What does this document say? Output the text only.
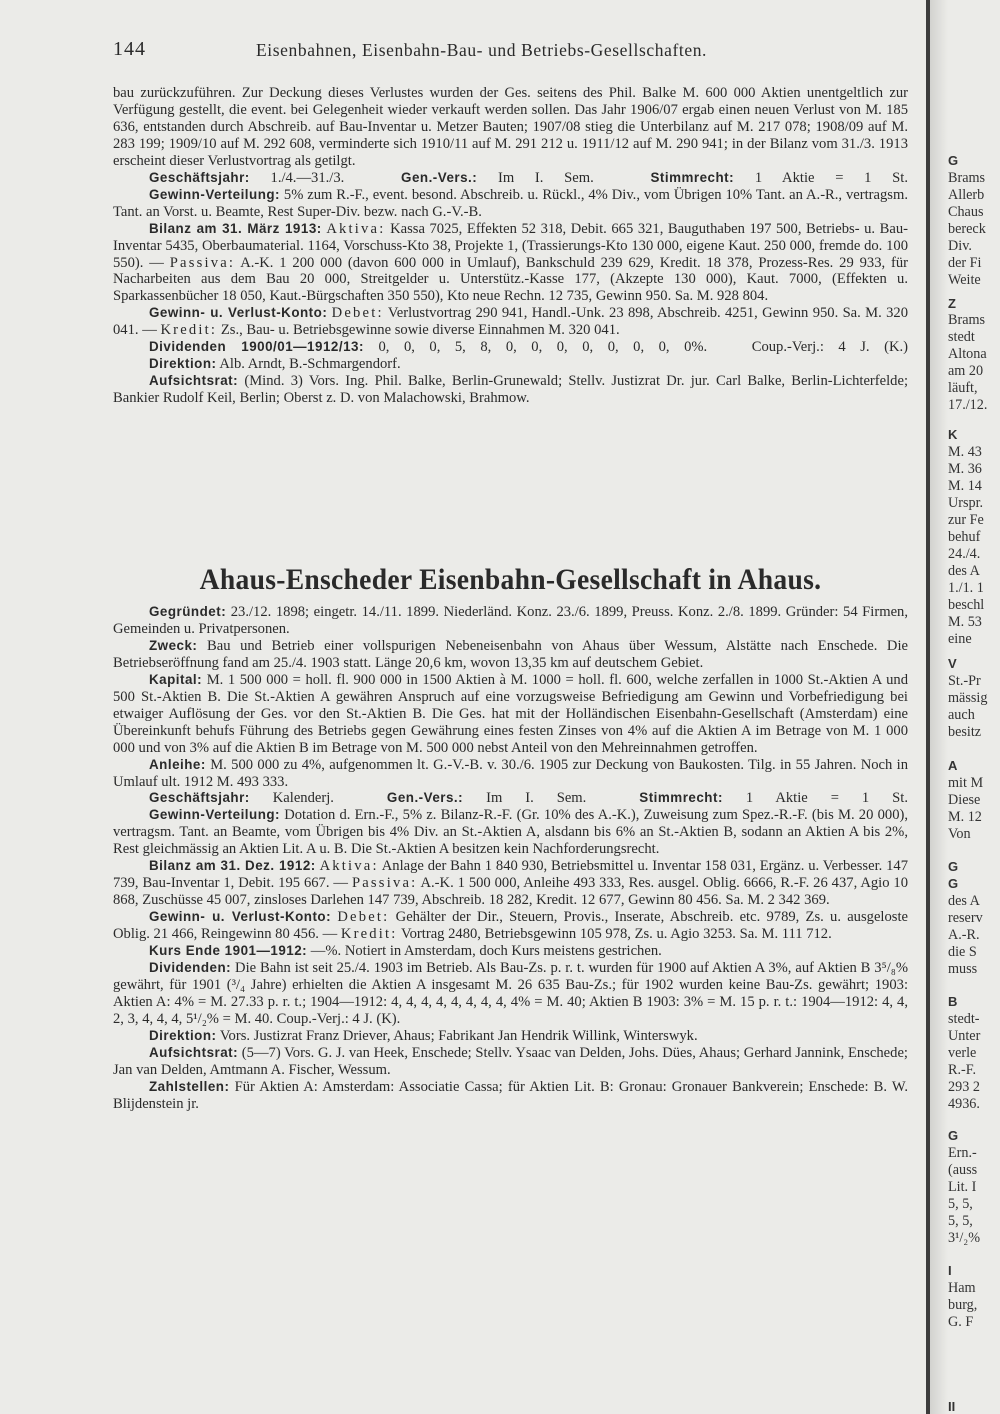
144	Eisenbahnen, Eisenbahn-Bau- und Betriebs-Gesellschaften.

bau zurückzuführen. Zur Deckung dieses Verlustes wurden der Ges. seitens des Phil. Balke M. 600 000 Aktien unentgeltlich zur Verfügung gestellt, die event. bei Gelegenheit wieder verkauft werden sollen. Das Jahr 1906/07 ergab einen neuen Verlust von M. 185 636, entstanden durch Abschreib. auf Bau-Inventar u. Metzer Bauten; 1907/08 stieg die Unterbilanz auf M. 217 078; 1908/09 auf M. 283 199; 1909/10 auf M. 292 608, verminderte sich 1910/11 auf M. 291 212 u. 1911/12 auf M. 290 941; in der Bilanz vom 31./3. 1913 erscheint dieser Verlustvortrag als getilgt.

Geschäftsjahr: 1./4.—31./3.	Gen.-Vers.: Im I. Sem.	Stimmrecht: 1 Aktie = 1 St.

Gewinn-Verteilung: 5% zum R.-F., event. besond. Abschreib. u. Rückl., 4% Div., vom Übrigen 10% Tant. an A.-R., vertragsm. Tant. an Vorst. u. Beamte, Rest Super-Div. bezw. nach G.-V.-B.

Bilanz am 31. März 1913: Aktiva: Kassa 7025, Effekten 52 318, Debit. 665 321, Bauguthaben 197 500, Betriebs- u. Bau-Inventar 5435, Oberbaumaterial. 1164, Vorschuss-Kto 38, Projekte 1, (Trassierungs-Kto 130 000, eigene Kaut. 250 000, fremde do. 100 550). — Passiva: A.-K. 1 200 000 (davon 600 000 in Umlauf), Bankschuld 239 629, Kredit. 18 378, Prozess-Res. 29 933, für Nacharbeiten aus dem Bau 20 000, Streitgelder u. Unterstütz.-Kasse 177, (Akzepte 130 000), Kaut. 7000, (Effekten u. Sparkassenbücher 18 050, Kaut.-Bürgschaften 350 550), Kto neue Rechn. 12 735, Gewinn 950. Sa. M. 928 804.

Gewinn- u. Verlust-Konto: Debet: Verlustvortrag 290 941, Handl.-Unk. 23 898, Abschreib. 4251, Gewinn 950. Sa. M. 320 041. — Kredit: Zs., Bau- u. Betriebsgewinne sowie diverse Einnahmen M. 320 041.

Dividenden 1900/01—1912/13: 0, 0, 0, 5, 8, 0, 0, 0, 0, 0, 0, 0, 0%.	Coup.-Verj.: 4 J. (K.)

Direktion: Alb. Arndt, B.-Schmargendorf.

Aufsichtsrat: (Mind. 3) Vors. Ing. Phil. Balke, Berlin-Grunewald; Stellv. Justizrat Dr. jur. Carl Balke, Berlin-Lichterfelde; Bankier Rudolf Keil, Berlin; Oberst z. D. von Malachowski, Brahmow.

Ahaus-Enscheder Eisenbahn-Gesellschaft in Ahaus.

Gegründet: 23./12. 1898; eingetr. 14./11. 1899. Niederländ. Konz. 23./6. 1899, Preuss. Konz. 2./8. 1899. Gründer: 54 Firmen, Gemeinden u. Privatpersonen.

Zweck: Bau und Betrieb einer vollspurigen Nebeneisenbahn von Ahaus über Wessum, Alstätte nach Enschede. Die Betriebseröffnung fand am 25./4. 1903 statt. Länge 20,6 km, wovon 13,35 km auf deutschem Gebiet.

Kapital: M. 1 500 000 = holl. fl. 900 000 in 1500 Aktien à M. 1000 = holl. fl. 600, welche zerfallen in 1000 St.-Aktien A und 500 St.-Aktien B. Die St.-Aktien A gewähren Anspruch auf eine vorzugsweise Befriedigung am Gewinn und Vorbefriedigung bei etwaiger Auflösung der Ges. vor den St.-Aktien B. Die Ges. hat mit der Holländischen Eisenbahn-Gesellschaft (Amsterdam) eine Übereinkunft behufs Führung des Betriebs gegen Gewährung eines festen Zinses von 4% auf die Aktien A im Betrage von M. 1 000 000 und von 3% auf die Aktien B im Betrage von M. 500 000 nebst Anteil von den Mehreinnahmen getroffen.

Anleihe: M. 500 000 zu 4%, aufgenommen lt. G.-V.-B. v. 30./6. 1905 zur Deckung von Baukosten. Tilg. in 55 Jahren. Noch in Umlauf ult. 1912 M. 493 333.

Geschäftsjahr: Kalenderj.	Gen.-Vers.: Im I. Sem.	Stimmrecht: 1 Aktie = 1 St.

Gewinn-Verteilung: Dotation d. Ern.-F., 5% z. Bilanz-R.-F. (Gr. 10% des A.-K.), Zuweisung zum Spez.-R.-F. (bis M. 20 000), vertragsm. Tant. an Beamte, vom Übrigen bis 4% Div. an St.-Aktien A, alsdann bis 6% an St.-Aktien B, sodann an Aktien A bis 2%, Rest gleichmässig an Aktien Lit. A u. B. Die St.-Aktien A besitzen kein Nachforderungsrecht.

Bilanz am 31. Dez. 1912: Aktiva: Anlage der Bahn 1 840 930, Betriebsmittel u. Inventar 158 031, Ergänz. u. Verbesser. 147 739, Bau-Inventar 1, Debit. 195 667. — Passiva: A.-K. 1 500 000, Anleihe 493 333, Res. ausgel. Oblig. 6666, R.-F. 26 437, Agio 10 868, Zuschüsse 45 007, zinsloses Darlehen 147 739, Abschreib. 18 282, Kredit. 12 677, Gewinn 80 456. Sa. M. 2 342 369.

Gewinn- u. Verlust-Konto: Debet: Gehälter der Dir., Steuern, Provis., Inserate, Abschreib. etc. 9789, Zs. u. ausgeloste Oblig. 21 466, Reingewinn 80 456. — Kredit: Vortrag 2480, Betriebsgewinn 105 978, Zs. u. Agio 3253. Sa. M. 111 712.

Kurs Ende 1901—1912: —%. Notiert in Amsterdam, doch Kurs meistens gestrichen.

Dividenden: Die Bahn ist seit 25./4. 1903 im Betrieb. Als Bau-Zs. p. r. t. wurden für 1900 auf Aktien A 3%, auf Aktien B 3⁵/₈% gewährt, für 1901 (³/₄ Jahre) erhielten die Aktien A insgesamt M. 26 635 Bau-Zs.; für 1902 wurden keine Bau-Zs. gewährt; 1903: Aktien A: 4% = M. 27.33 p. r. t.; 1904—1912: 4, 4, 4, 4, 4, 4, 4, 4, 4% = M. 40; Aktien B 1903: 3% = M. 15 p. r. t.: 1904—1912: 4, 4, 2, 3, 4, 4, 4, 5¹/₂% = M. 40. Coup.-Verj.: 4 J. (K).

Direktion: Vors. Justizrat Franz Driever, Ahaus; Fabrikant Jan Hendrik Willink, Winterswyk.

Aufsichtsrat: (5—7) Vors. G. J. van Heek, Enschede; Stellv. Ysaac van Delden, Johs. Dües, Ahaus; Gerhard Jannink, Enschede; Jan van Delden, Amtmann A. Fischer, Wessum.

Zahlstellen: Für Aktien A: Amsterdam: Associatie Cassa; für Aktien Lit. B: Gronau: Gronauer Bankverein; Enschede: B. W. Blijdenstein jr.

G
Brams
Allerb
Chaus
bereck
Div.
der Fi
Weite
Z
Brams
stedt
Altona
am 20
läuft,
17./12.
K
M. 43
M. 36
M. 14
Urspr.
zur Fe
behuf
24./4.
des A
1./1. 1
beschl
M. 53
eine
V
St.-Pr
mässig
auch
besitz
A
mit M
Diese
M. 12
Von
G
G
des A
reserv
A.-R.
die S
muss
B
stedt-
Unter
verle
R.-F.
293 2
4936.
G
Ern.-
(auss
Lit. I
5, 5,
5, 5,
3¹/₂%
I
Ham
burg,
G. F
II
